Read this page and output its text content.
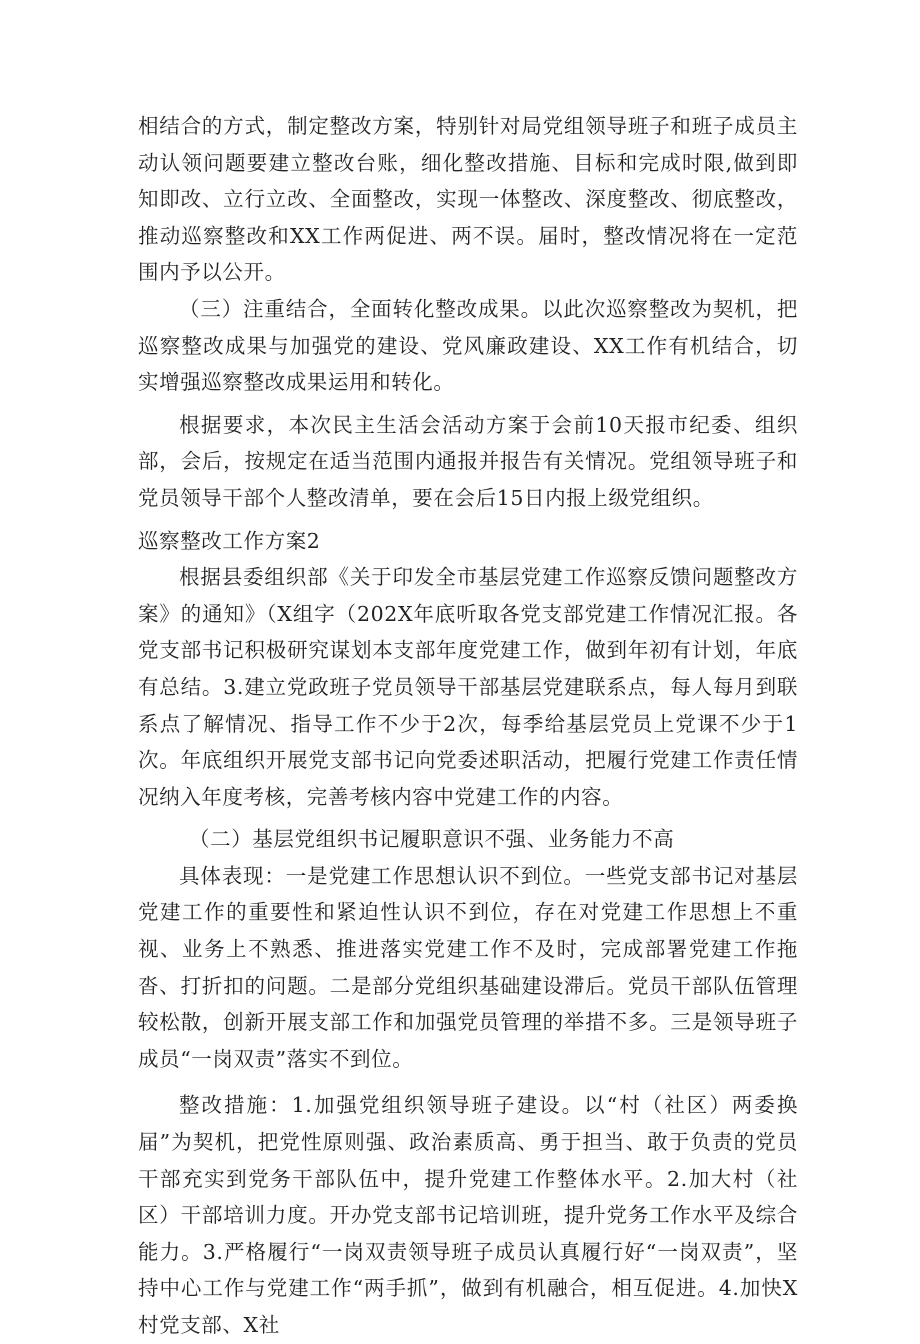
相结合的方式，制定整改方案，特别针对局党组领导班子和班子成员主动认领问题要建立整改台账，细化整改措施、目标和完成时限,做到即知即改、立行立改、全面整改，实现一体整改、深度整改、彻底整改，推动巡察整改和XX工作两促进、两不误。届时，整改情况将在一定范围内予以公开。

（三）注重结合，全面转化整改成果。以此次巡察整改为契机，把巡察整改成果与加强党的建设、党风廉政建设、XX工作有机结合，切实增强巡察整改成果运用和转化。

根据要求，本次民主生活会活动方案于会前10天报市纪委、组织部，会后，按规定在适当范围内通报并报告有关情况。党组领导班子和党员领导干部个人整改清单，要在会后15日内报上级党组织。

巡察整改工作方案2

根据县委组织部《关于印发全市基层党建工作巡察反馈问题整改方案》的通知》（X组字（202X年底听取各党支部党建工作情况汇报。各党支部书记积极研究谋划本支部年度党建工作，做到年初有计划，年底有总结。3.建立党政班子党员领导干部基层党建联系点，每人每月到联系点了解情况、指导工作不少于2次，每季给基层党员上党课不少于1次。年底组织开展党支部书记向党委述职活动，把履行党建工作责任情况纳入年度考核，完善考核内容中党建工作的内容。

（二）基层党组织书记履职意识不强、业务能力不高

具体表现：一是党建工作思想认识不到位。一些党支部书记对基层党建工作的重要性和紧迫性认识不到位，存在对党建工作思想上不重视、业务上不熟悉、推进落实党建工作不及时，完成部署党建工作拖沓、打折扣的问题。二是部分党组织基础建设滞后。党员干部队伍管理较松散，创新开展支部工作和加强党员管理的举措不多。三是领导班子成员“一岗双责”落实不到位。

整改措施：1.加强党组织领导班子建设。以“村（社区）两委换届”为契机，把党性原则强、政治素质高、勇于担当、敢于负责的党员干部充实到党务干部队伍中，提升党建工作整体水平。2.加大村（社区）干部培训力度。开办党支部书记培训班，提升党务工作水平及综合能力。3.严格履行“一岗双责领导班子成员认真履行好“一岗双责”，坚持中心工作与党建工作“两手抓”，做到有机融合，相互促进。4.加快X村党支部、X社
